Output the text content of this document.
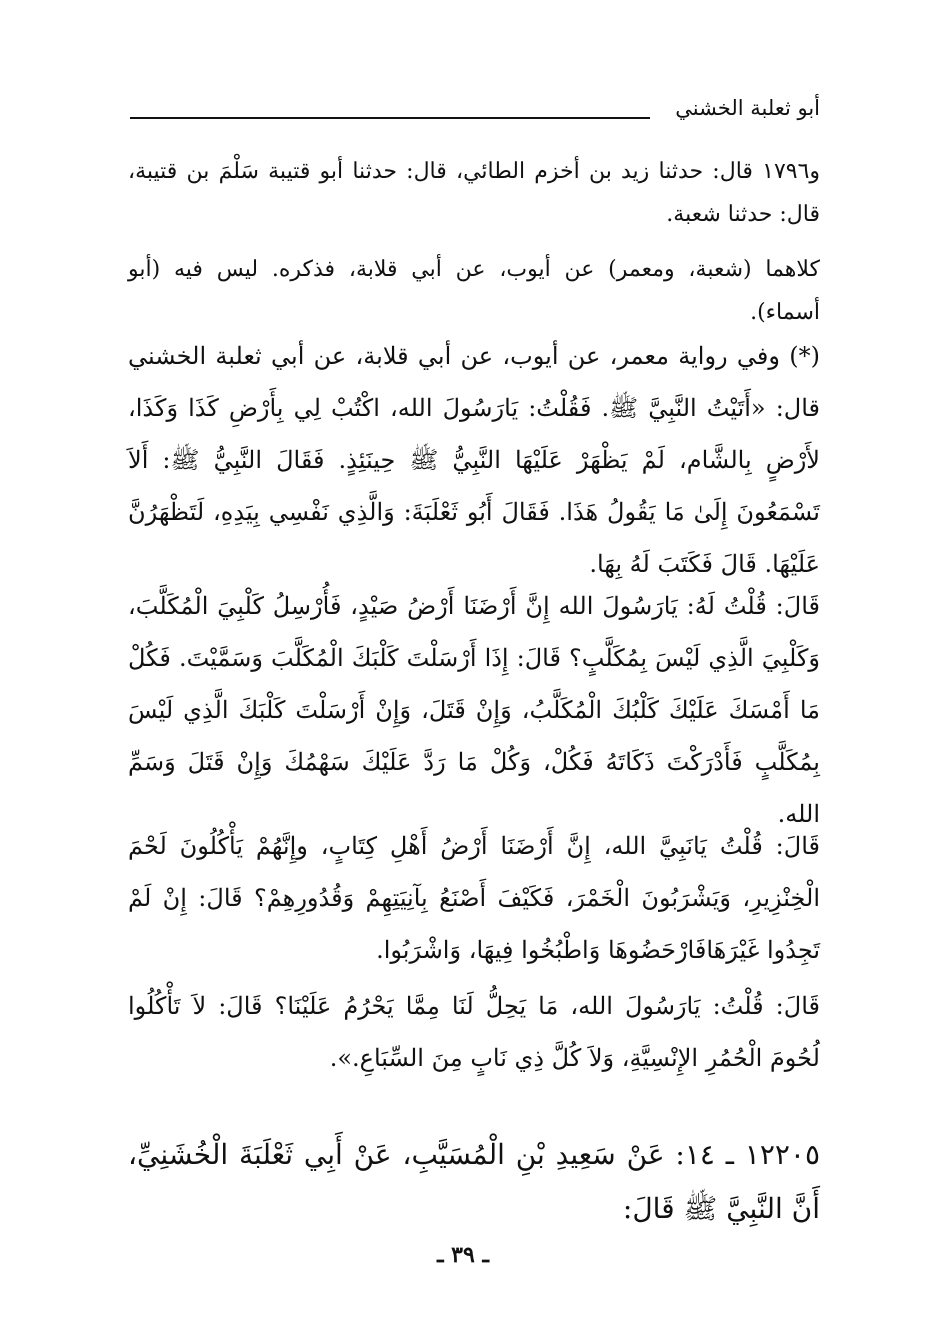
أبو ثعلبة الخشني

و١٧٩٦ قال: حدثنا زيد بن أخزم الطائي، قال: حدثنا أبو قتيبة سَلْمَ بن قتيبة، قال: حدثنا شعبة.

كلاهما (شعبة، ومعمر) عن أيوب، عن أبي قلابة، فذكره. ليس فيه (أبو أسماء).

(*) وفي رواية معمر، عن أيوب، عن أبي قلابة، عن أبي ثعلبة الخشني قال: «أَتَيْتُ النَّبِيَّ ﷺ. فَقُلْتُ: يَارَسُولَ الله، اكْتُبْ لِي بِأَرْضِ كَذَا وَكَذَا، لأَرْضٍ بِالشَّام، لَمْ يَظْهَرْ عَلَيْهَا النَّبِيُّ ﷺ حِينَئِذٍ. فَقَالَ النَّبِيُّ ﷺ: أَلاَ تَسْمَعُونَ إِلَىٰ مَا يَقُولُ هَذَا. فَقَالَ أَبُو ثَعْلَبَةَ: وَالَّذِي نَفْسِي بِيَدِهِ، لَتَظْهَرُنَّ عَلَيْهَا. قَالَ فَكَتَبَ لَهُ بِهَا.

قَالَ: قُلْتُ لَهُ: يَارَسُولَ الله إِنَّ أَرْضَنَا أَرْضُ صَيْدٍ، فَأُرْسِلُ كَلْبِيَ الْمُكَلَّبَ، وَكَلْبِيَ الَّذِي لَيْسَ بِمُكَلَّبٍ؟ قَالَ: إِذَا أَرْسَلْتَ كَلْبَكَ الْمُكَلَّبَ وَسَمَّيْتَ. فَكُلْ مَا أَمْسَكَ عَلَيْكَ كَلْبُكَ الْمُكَلَّبُ، وَإِنْ قَتَلَ، وَإِنْ أَرْسَلْتَ كَلْبَكَ الَّذِي لَيْسَ بِمُكَلَّبٍ فَأَدْرَكْتَ ذَكَاتَهُ فَكُلْ، وَكُلْ مَا رَدَّ عَلَيْكَ سَهْمُكَ وَإِنْ قَتَلَ وَسَمِّ الله.

قَالَ: قُلْتُ يَانَبِيَّ الله، إِنَّ أَرْضَنَا أَرْضُ أَهْلِ كِتَابٍ، وإِنَّهُمْ يَأْكُلُونَ لَحْمَ الْخِنْزِيرِ، وَيَشْرَبُونَ الْخَمْرَ، فَكَيْفَ أَصْنَعُ بِآنِيَتِهِمْ وَقُدُورِهِمْ؟ قَالَ: إِنْ لَمْ تَجِدُوا غَيْرَهَافَارْحَضُوهَا وَاطْبُخُوا فِيهَا، وَاشْرَبُوا.

قَالَ: قُلْتُ: يَارَسُولَ الله، مَا يَحِلُّ لَنَا مِمَّا يَحْرُمُ عَلَيْنَا؟ قَالَ: لاَ تَأْكُلُوا لُحُومَ الْحُمُرِ الإِنْسِيَّةِ، وَلاَ كُلَّ ذِي نَابٍ مِنَ السِّبَاعِ.».

١٢٢٠٥ ـ ١٤: عَنْ سَعِيدِ بْنِ الْمُسَيَّبِ، عَنْ أَبِي ثَعْلَبَةَ الْخُشَنِيِّ، أَنَّ النَّبِيَّ ﷺ قَالَ:

ـ ٣٩ ـ
